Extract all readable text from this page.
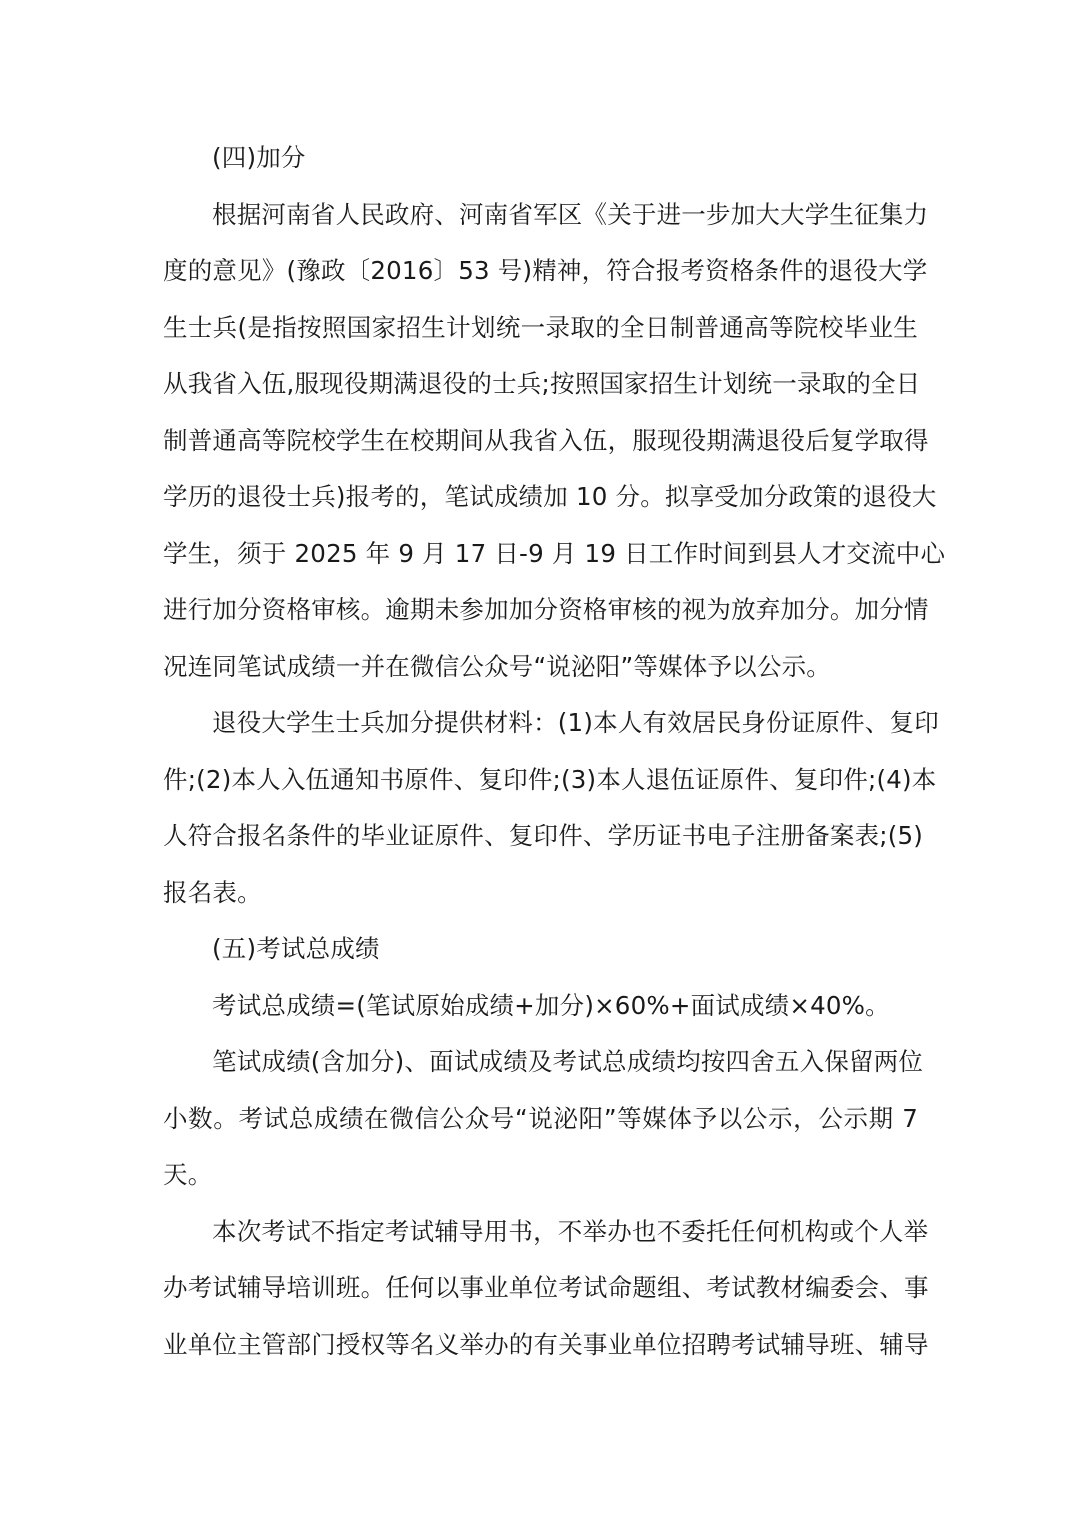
(四)加分

根据河南省人民政府、河南省军区《关于进一步加大大学生征集力
度的意见》(豫政〔2016〕53 号)精神，符合报考资格条件的退役大学
生士兵(是指按照国家招生计划统一录取的全日制普通高等院校毕业生
从我省入伍,服现役期满退役的士兵;按照国家招生计划统一录取的全日
制普通高等院校学生在校期间从我省入伍，服现役期满退役后复学取得
学历的退役士兵)报考的，笔试成绩加 10 分。拟享受加分政策的退役大
学生，须于 2025 年 9 月 17 日-9 月 19 日工作时间到县人才交流中心
进行加分资格审核。逾期未参加加分资格审核的视为放弃加分。加分情
况连同笔试成绩一并在微信公众号“说泌阳”等媒体予以公示。
退役大学生士兵加分提供材料：(1)本人有效居民身份证原件、复印
件;(2)本人入伍通知书原件、复印件;(3)本人退伍证原件、复印件;(4)本
人符合报名条件的毕业证原件、复印件、学历证书电子注册备案表;(5)
报名表。

(五)考试总成绩

考试总成绩=(笔试原始成绩+加分)×60%+面试成绩×40%。

笔试成绩(含加分)、面试成绩及考试总成绩均按四舍五入保留两位
小数。考试总成绩在微信公众号“说泌阳”等媒体予以公示，公示期 7
天。
本次考试不指定考试辅导用书，不举办也不委托任何机构或个人举
办考试辅导培训班。任何以事业单位考试命题组、考试教材编委会、事
业单位主管部门授权等名义举办的有关事业单位招聘考试辅导班、辅导
